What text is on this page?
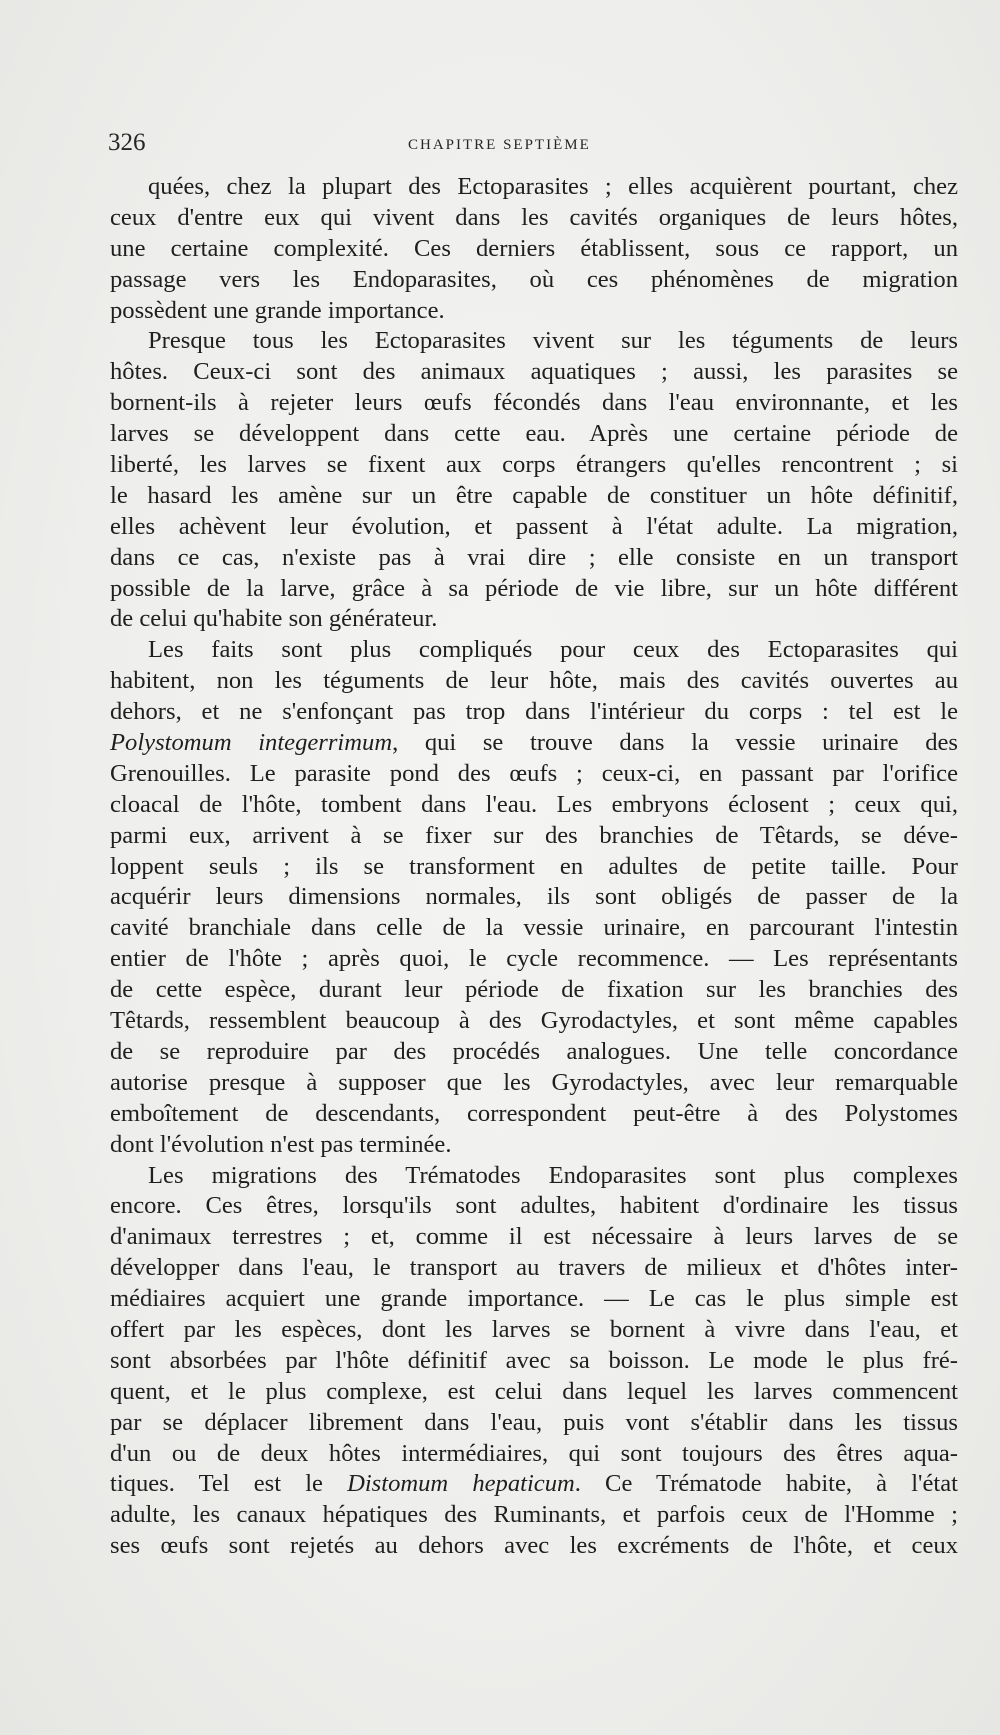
326	CHAPITRE SEPTIÈME
quées, chez la plupart des Ectoparasites ; elles acquièrent pourtant, chez
ceux d'entre eux qui vivent dans les cavités organiques de leurs hôtes,
une certaine complexité. Ces derniers établissent, sous ce rapport, un
passage vers les Endoparasites, où ces phénomènes de migration
possèdent une grande importance.
Presque tous les Ectoparasites vivent sur les téguments de leurs
hôtes. Ceux-ci sont des animaux aquatiques ; aussi, les parasites se
bornent-ils à rejeter leurs œufs fécondés dans l'eau environnante, et les
larves se développent dans cette eau. Après une certaine période de
liberté, les larves se fixent aux corps étrangers qu'elles rencontrent ; si
le hasard les amène sur un être capable de constituer un hôte définitif,
elles achèvent leur évolution, et passent à l'état adulte. La migration,
dans ce cas, n'existe pas à vrai dire ; elle consiste en un transport
possible de la larve, grâce à sa période de vie libre, sur un hôte différent
de celui qu'habite son générateur.
Les faits sont plus compliqués pour ceux des Ectoparasites qui
habitent, non les téguments de leur hôte, mais des cavités ouvertes au
dehors, et ne s'enfonçant pas trop dans l'intérieur du corps : tel est le
Polystomum integerrimum, qui se trouve dans la vessie urinaire des
Grenouilles. Le parasite pond des œufs ; ceux-ci, en passant par l'orifice
cloacal de l'hôte, tombent dans l'eau. Les embryons éclosent ; ceux qui,
parmi eux, arrivent à se fixer sur des branchies de Têtards, se déve-
loppent seuls ; ils se transforment en adultes de petite taille. Pour
acquérir leurs dimensions normales, ils sont obligés de passer de la
cavité branchiale dans celle de la vessie urinaire, en parcourant l'intestin
entier de l'hôte ; après quoi, le cycle recommence. — Les représentants
de cette espèce, durant leur période de fixation sur les branchies des
Têtards, ressemblent beaucoup à des Gyrodactyles, et sont même capables
de se reproduire par des procédés analogues. Une telle concordance
autorise presque à supposer que les Gyrodactyles, avec leur remarquable
emboîtement de descendants, correspondent peut-être à des Polystomes
dont l'évolution n'est pas terminée.
Les migrations des Trématodes Endoparasites sont plus complexes
encore. Ces êtres, lorsqu'ils sont adultes, habitent d'ordinaire les tissus
d'animaux terrestres ; et, comme il est nécessaire à leurs larves de se
développer dans l'eau, le transport au travers de milieux et d'hôtes inter-
médiaires acquiert une grande importance. — Le cas le plus simple est
offert par les espèces, dont les larves se bornent à vivre dans l'eau, et
sont absorbées par l'hôte définitif avec sa boisson. Le mode le plus fré-
quent, et le plus complexe, est celui dans lequel les larves commencent
par se déplacer librement dans l'eau, puis vont s'établir dans les tissus
d'un ou de deux hôtes intermédiaires, qui sont toujours des êtres aqua-
tiques. Tel est le Distomum hepaticum. Ce Trématode habite, à l'état
adulte, les canaux hépatiques des Ruminants, et parfois ceux de l'Homme ;
ses œufs sont rejetés au dehors avec les excréments de l'hôte, et ceux
